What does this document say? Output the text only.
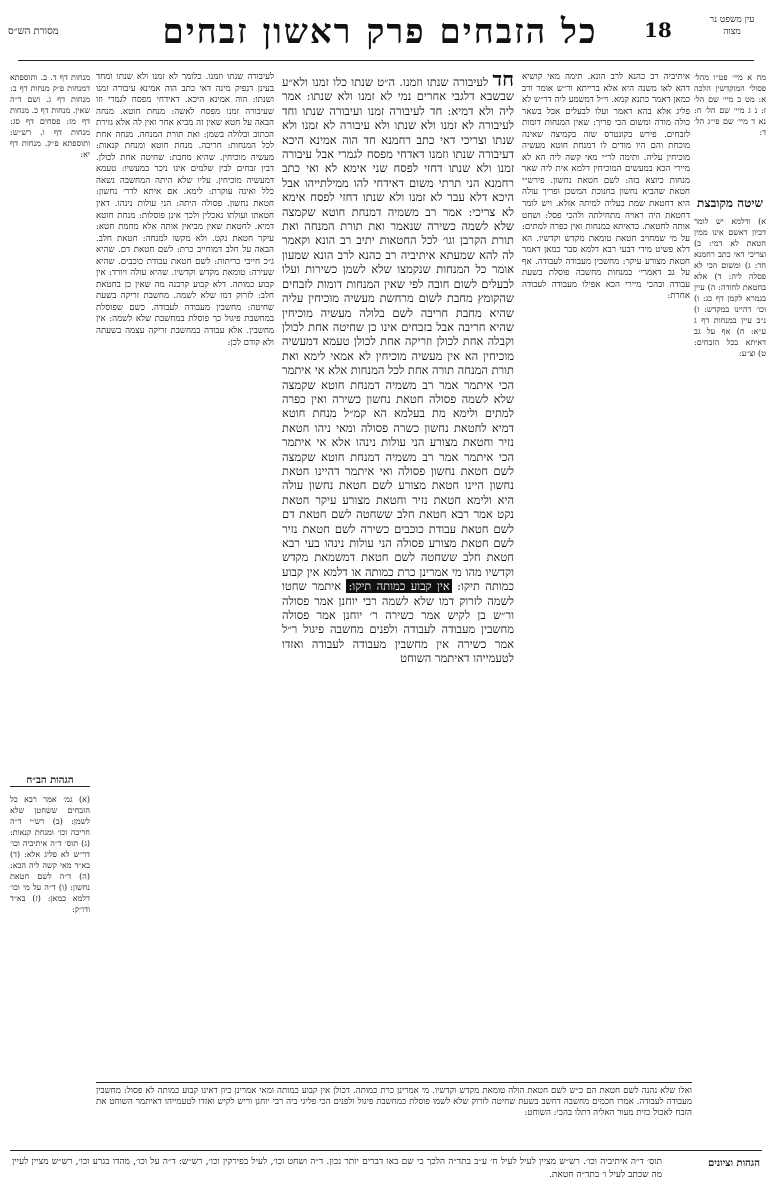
עין משפט נר מצוה
18
כל הזבחים פרק ראשון זבחים
מסורת הש״ס

מח א מיי׳ פט״ו מהל׳ פסולי המוקדשין הלכה א: מט ב מיי׳ שם הל׳ ז: נ ג מיי׳ שם הל׳ ח: נא ד מיי׳ שם פי״ג הל׳ ד:

שיטה מקובצת

א) ודלמא יש לומר דכיון דאשם אינו ממין חטאת לא דמי: ב) וצריכי דאי כתב רחמנא חד: ג) ומשום הכי לא פסלה ליה: ד) אלא בחטאת לחודה: ה) עיין בגמרא לקמן דף כג: ו) וכו׳ דהיינו במקדש: ז) נ״ב עיין במנחות דף ג ע״א: ח) אף על גב דאיתא בכל הזבחים: ט) וצ״ע:

איתיביה רב כהנא לרב הונא. תימה מאי קושיא דהא לאו משנה היא אלא ברייתא ור״ש אומר ורב כמאן דאמר כתנא קמא. וי״ל דמשמע ליה דר״ש לא פליג אלא בהא דאמר ועלו לבעלים אבל בשאר כולה מודה ומשום הכי פריך: שאין המנחות דומות לזבחים. פירש בקונטרס שזה בקמיצה שאינה מוכחת והם היו מודים לו דמנחת חוטא מעשיה מוכיחין עליה. ותימה לר״י מאי קשה ליה הא לא מיירי הכא במעשים המוכיחין דלמא אית ליה שאר מנחות כיוצא בזה: לשם חטאת נחשון. פירש״י חטאת שהביא נחשון בחנוכת המשכן ופריך עולה היא דחטאת שמת בעליה למיתה אזלא. ויש לומר דחטאת היה ראויה מתחילתה ולהכי פסל: ושחט אותה לחטאת. כדאיתא במנחות ואין כפרה למתים: על מי שמחויב חטאת טומאת מקדש וקדשיו. הא דלא פשיט מידי דבעי רבא דלמא סבר כמאן דאמר חטאת מצורע עיקר: מחשבין מעבודה לעבודה. אף על גב דאמרי׳ במנחות מחשבה פוסלת בשעת עבודה ובהכי מיירי הכא אפילו מעבודה לעבודה אחרת:

חד לעיבורה שנתו וזמנו. ה״ט שנתו כלו זמנו ולא״ע שבשבא דלגבי אחרים נמי לא זמנו ולא שנתו: אמר ליה ולא דמיא: חד לעיבורה זמנו ועיבורה שנתו וחד לעיבורה לא זמנו ולא שנתו ולא עיבורה לא זמנו ולא שנתו וצריכי דאי כתב רחמנא חד הוה אמינא היכא דעיבורה שנתו וזמנו דאדחי מפסח לגמרי אבל עיבורה זמנו ולא שנתו דחזי לפסח שני אימא לא ואי כתב רחמנא הני תרתי משום דאידחי להו ממילתייהו אבל היכא דלא עבר לא זמנו ולא שנתו דחזי לפסח אימא לא צריכי: אמר רב משמיה דמנחת חוטא שקמצה שלא לשמה כשירה שנאמר ואת תורת המנחה ואת תורת הקרבן וגו׳ לכל החטאות יתיב רב הונא וקאמר לה להא שמעתא איתיביה רב כהנא לרב הונא שמעון אומר כל המנחות שנקמצו שלא לשמן כשירות ועלו לבעלים לשום חובה לפי שאין המנחות דומות לזבחים שהקומץ מחבת לשום מרחשת מעשיה מוכיחין עליה שהיא מחבת חריבה לשם בלולה מעשיה מוכיחין שהיא חריבה אבל בזבחים אינו כן שחיטה אחת לכולן וקבלה אחת לכולן וזריקה אחת לכולן טעמא דמעשיה מוכיחין הא אין מעשיה מוכיחין לא אמאי לימא ואת תורת המנחה תורה אחת לכל המנחות אלא אי איתמר הכי איתמר אמר רב משמיה דמנחת חוטא שקמצה שלא לשמה פסולה חטאת נחשון כשירה ואין כפרה למתים ולימא מת בעלמא הא קמ״ל מנחת חוטא דמיא לחטאת נחשון כשרה פסולה ומאי ניהו חטאת נזיר וחטאת מצורע הני עולות נינהו אלא אי איתמר הכי איתמר אמר רב משמיה דמנחת חוטא שקמצה לשם חטאת נחשון פסולה ואי איתמר דהיינו חטאת נחשון היינו חטאת מצורע לשם חטאת נחשון עולה היא ולימא חטאת נזיר וחטאת מצורע עיקר חטאת נקט אמר רבא חטאת חלב ששחטה לשם חטאת דם לשם חטאת עבודת כוכבים כשירה לשם חטאת נזיר לשם חטאת מצורע פסולה הני עולות נינהו בעי רבא חטאת חלב ששחטה לשם חטאת דמשמאת מקדש וקדשיו מהו מי אמרינן כרת כמותה או דלמא אין קבוע כמותה תיקו: אין קבוע כמותה תיקו: איתמר שחטו לשמה לזרוק דמו שלא לשמה רבי יוחנן אמר פסולה ור״ש בן לקיש אמר כשירה ר׳ יוחנן אמר פסולה מחשבין מעבודה לעבודה ולפנים מחשבה פיגול ר״ל אמר כשירה אין מחשבין מעבודה לעבודה ואזדו לטעמייהו דאיתמר השוחט

לעיבורה שנתו וזמנו. כלומר לא זמנו ולא שנתו ומחד בעינן דנפיק מינה דאי כתב הוה אמינא עיבורה זמנו ושנתו: הוה אמינא היכא. דאידחי מפסח לגמרי וזו שעיבורה זמנו מפסח לאשה: מנחת חוטא. מנחה הבאה על חטא שאין זה מביא אחר ואין לה אלא גזירת הכתוב ובלולה בשמן: ואת תורת המנחה. מנחה אחת לכל המנחות: חריבה. מנחת חוטא ומנחת קנאות: מעשיה מוכיחין. שהיא מחבת: שחיטה אחת לכולן. דבין זבחים לבין שלמים אינו ניכר במעשיו: טעמא דמעשיה מוכיחין. עליו שלא היתה המחשבה נשאה כלל ואינה עוקרת: לימא. אם איתא לדר׳ נחשון: חטאת נחשון. פסולה היתה: הני עולות נינהו. דאין חטאתו ועולתו נאכלין ולכך אינן פוסלות: מנחת חוטא דמיא. לחטאת שאין מביאין אותה אלא מחמת חטא: עיקר חטאת נקט. ולא מקשו למנחה: חטאת חלב. הבאה על חלב דמוחייב כרת: לשם חטאת דם. שהיא ג״כ חייבי כריתות: לשם חטאת עבודת כוכבים. שהיא שעירה: טומאת מקדש וקדשיו. שהיא עולה ויורד: אין קבוע כמותה. דלא קבוע קרבנה מה שאין כן בחטאת חלב: לזרוק דמו שלא לשמה. מחשבת זריקה בשעת שחיטה: מחשבין מעבודה לעבודה. כשם שפוסלת במחשבת פיגול כך פוסלת במחשבת שלא לשמה: אין מחשבין. אלא עבודה במחשבת זריקה עצמה בשעתה ולא קודם לכן:

מנחות דף ד. ב. ותוספתא דמנחות פ״ק מנחות דף ב: מנחות דף ג. ושם ד״ה שאין. מנחות דף כ. מנחות דף מז: פסחים דף סג: מנחות דף ו. רש״ש: ותוספתא פ״ק. מנחות דף יא:

הגהות הב״ח

(א) גמ׳ אמר רבא כל הזבחים ששחטן שלא לשמן: (ב) רש״י ד״ה חריבה וכו׳ ומנחת קנאות: (ג) תוס׳ ד״ה איתיביה וכו׳ דר״ש לא פליג אלא: (ד) בא״ד מאי קשה ליה הכא: (ה) ד״ה לשם חטאת נחשון: (ו) ד״ה על מי וכו׳ דלמא כמאן: (ז) בא״ד ודו״ק:

ואלו שלא נהנה לשם חטאת הם כ״ש לשם חטאת הולה טומאת מקדש וקדשיו. מי אמרינן כרת כמותה. דכולן אין קבוע כמותה ומאי אמרינן כיון דאינו קבוע כמותה לא פסול: מחשבין מעבודה לעבודה. אמרו חכמים מחשבה דחשב בשעת שחיטה לזרוק שלא לשמו פוסלת כמחשבת פיגול ולפנים הכי פליגי ביה רבי יוחנן וריש לקיש ואזדו לטעמייהו דאיתמר השוחט את הזבח לאכול כזית מעור האליה דתלו בהכי: השוחט:

הגהות וציונים

תוס׳ ד״ה איתיביה וכו׳. רש״ש מציין לעיל לעיל ח׳ ע״ב בתד״ה הלכך כי שם באו דברים יותר נכון. ד״ה ושחט וכו׳, לעיל בפירקין וכו׳, רש״ש: ד״ה על וכו׳, מהדו בגרע וכו׳, רש״ש מציין לעיין מה שכתב לעיל ו׳ בתד״ה חטאת.
